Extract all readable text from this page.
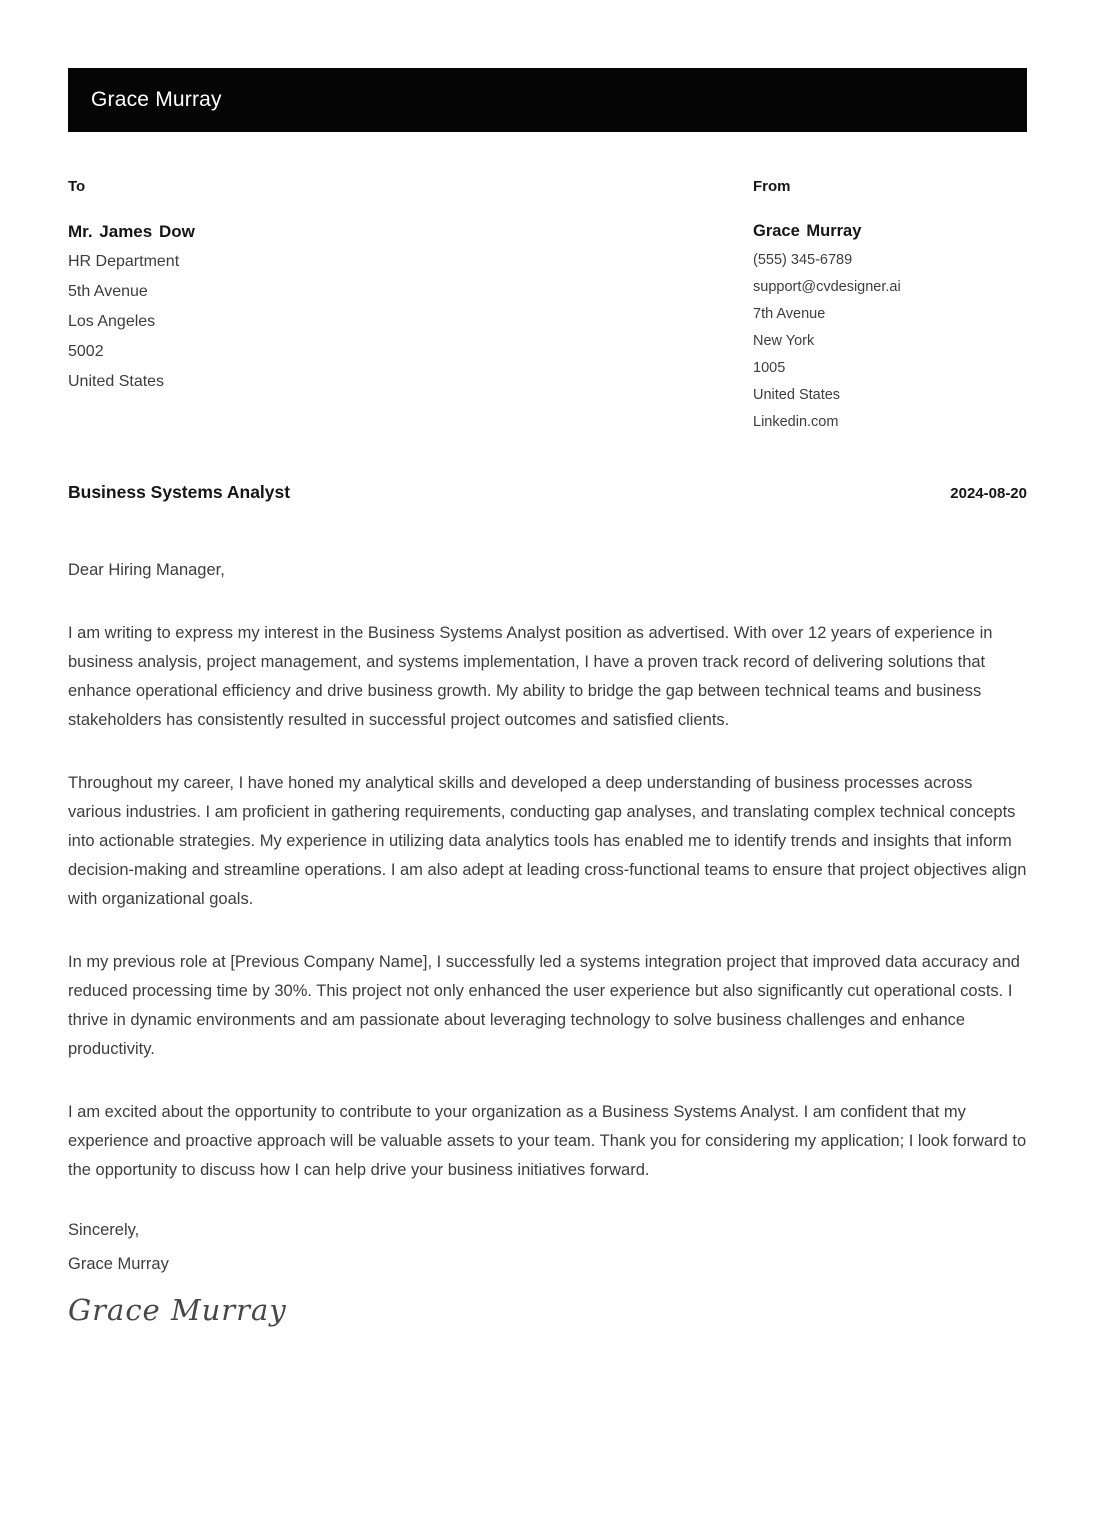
Grace Murray
To
Mr. James Dow
HR Department
5th Avenue
Los Angeles
5002
United States
From
Grace Murray
(555) 345-6789
support@cvdesigner.ai
7th Avenue
New York
1005
United States
Linkedin.com
Business Systems Analyst	2024-08-20
Dear Hiring Manager,

I am writing to express my interest in the Business Systems Analyst position as advertised. With over 12 years of experience in business analysis, project management, and systems implementation, I have a proven track record of delivering solutions that enhance operational efficiency and drive business growth. My ability to bridge the gap between technical teams and business stakeholders has consistently resulted in successful project outcomes and satisfied clients.

Throughout my career, I have honed my analytical skills and developed a deep understanding of business processes across various industries. I am proficient in gathering requirements, conducting gap analyses, and translating complex technical concepts into actionable strategies. My experience in utilizing data analytics tools has enabled me to identify trends and insights that inform decision-making and streamline operations. I am also adept at leading cross-functional teams to ensure that project objectives align with organizational goals.

In my previous role at [Previous Company Name], I successfully led a systems integration project that improved data accuracy and reduced processing time by 30%. This project not only enhanced the user experience but also significantly cut operational costs. I thrive in dynamic environments and am passionate about leveraging technology to solve business challenges and enhance productivity.

I am excited about the opportunity to contribute to your organization as a Business Systems Analyst. I am confident that my experience and proactive approach will be valuable assets to your team. Thank you for considering my application; I look forward to the opportunity to discuss how I can help drive your business initiatives forward.

Sincerely,
Grace Murray
Grace Murray
